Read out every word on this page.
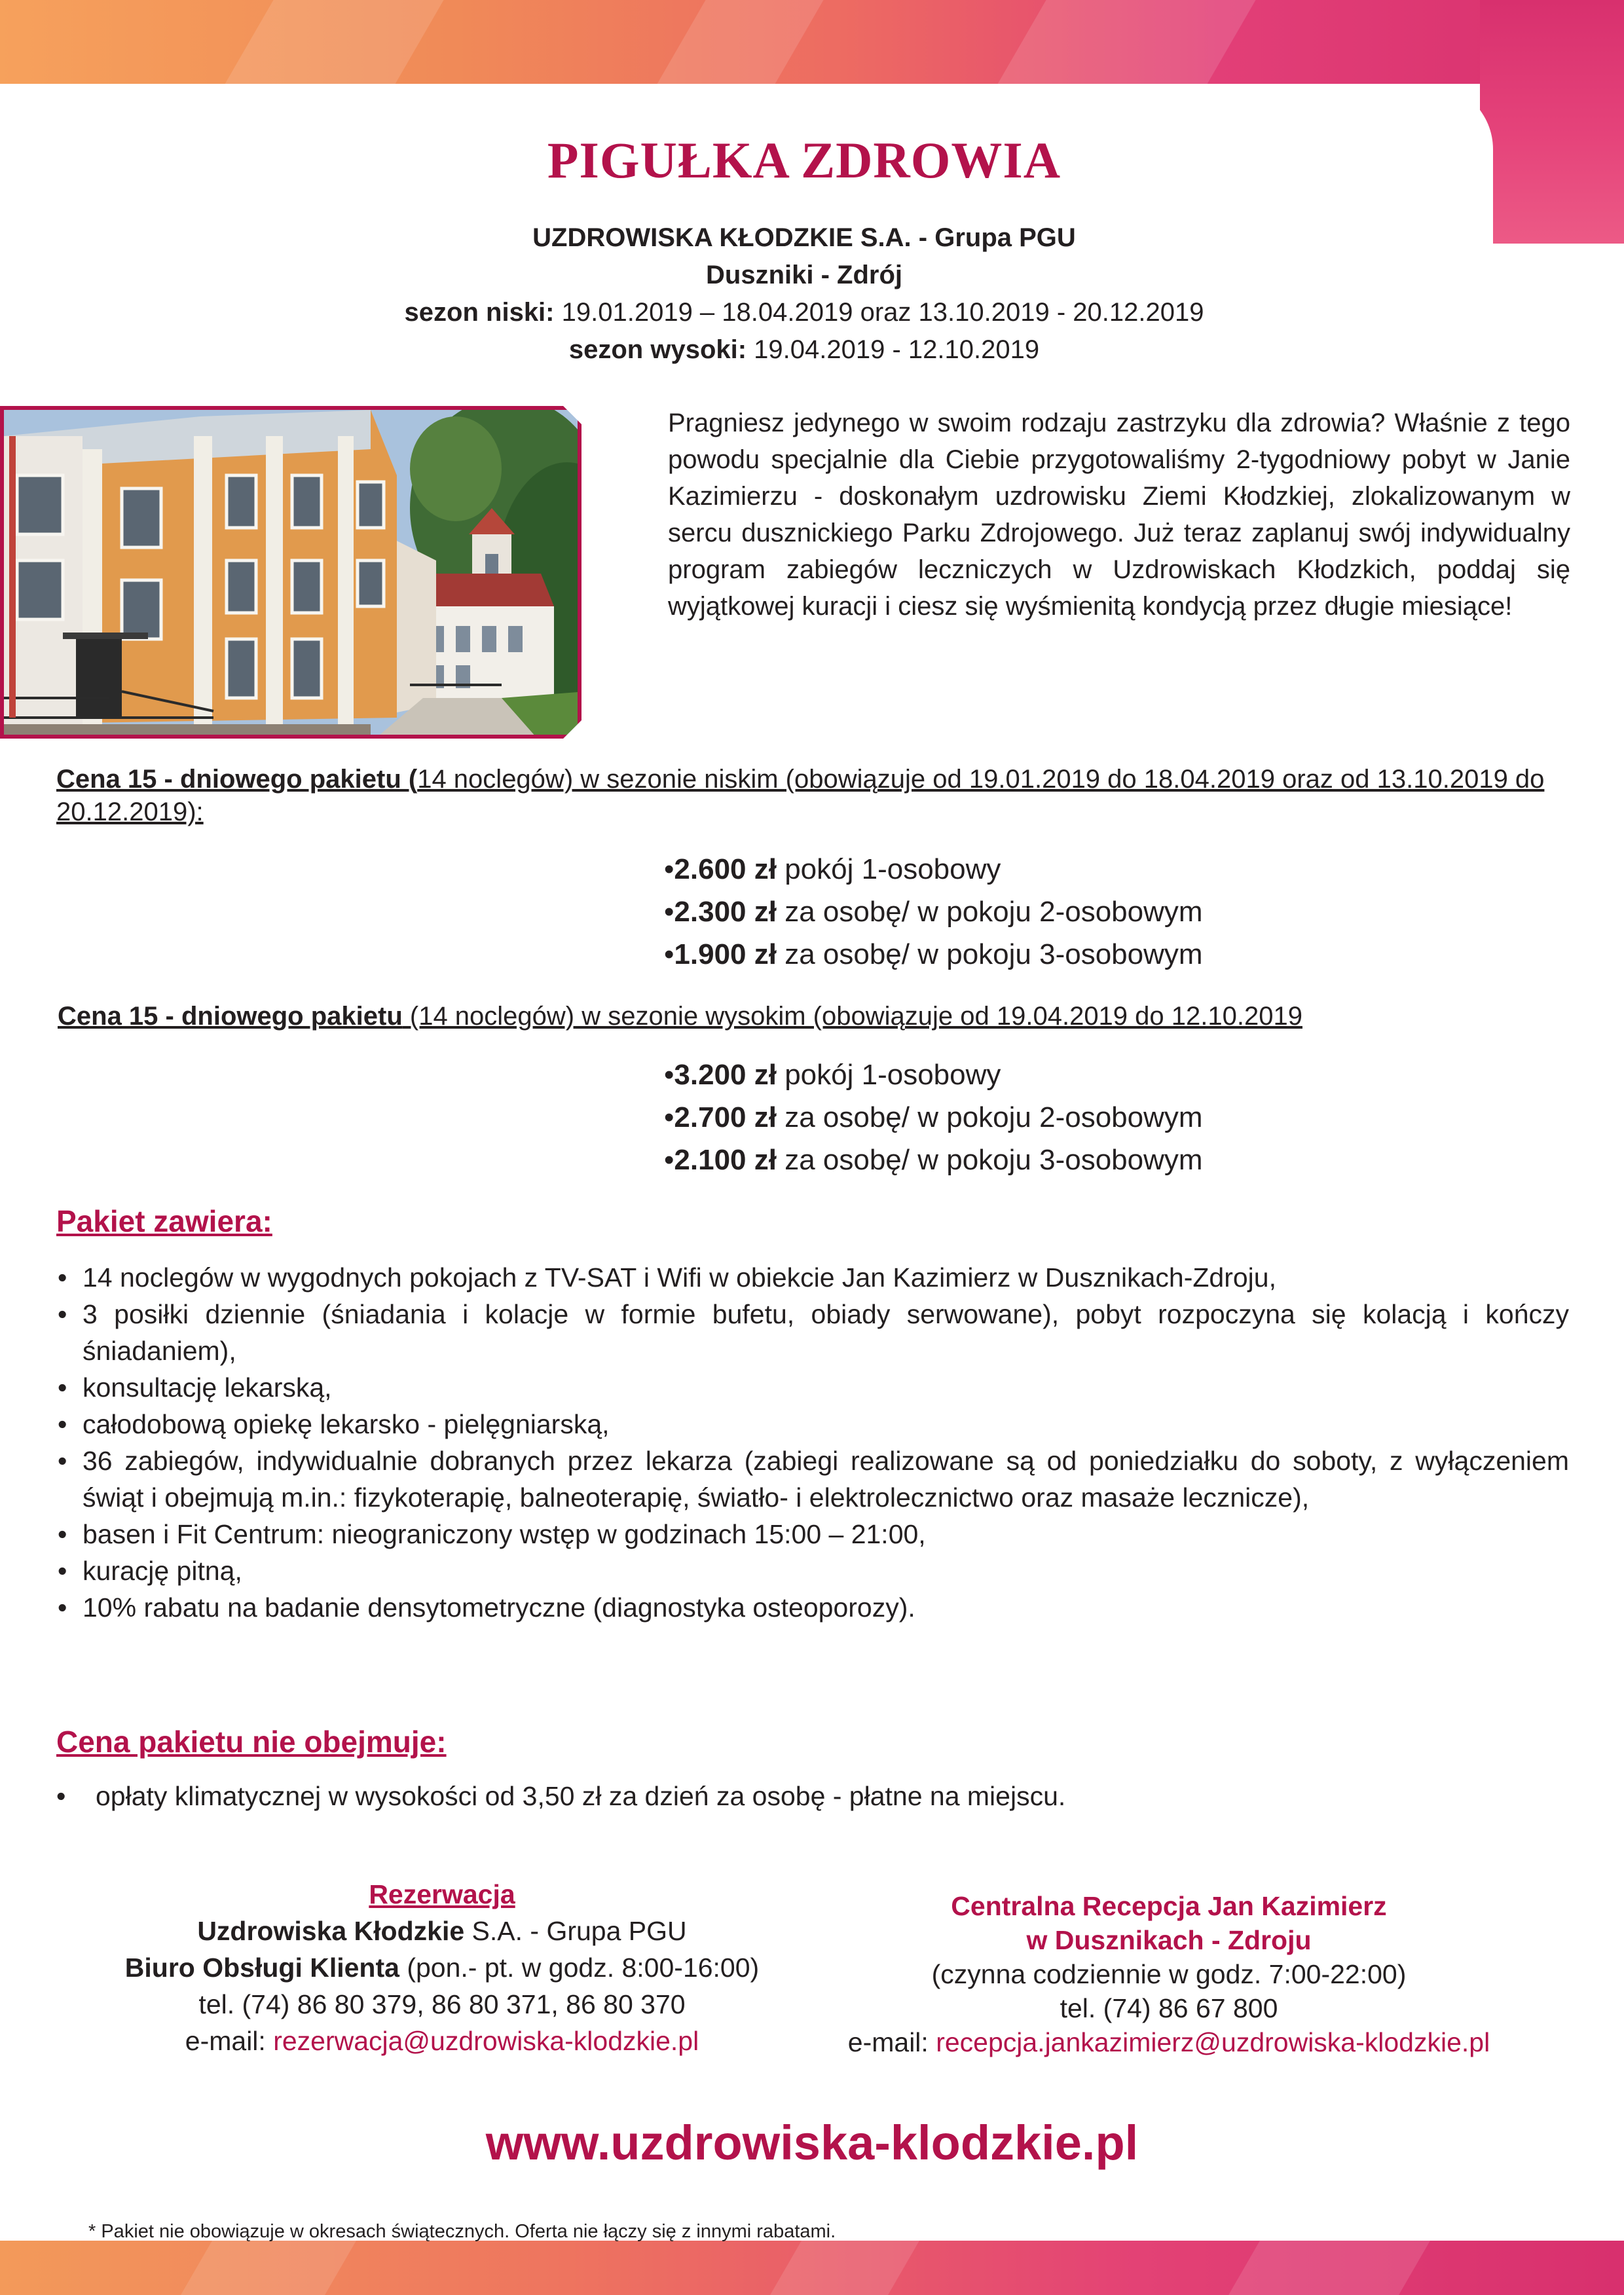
PIGUŁKA ZDROWIA
UZDROWISKA KŁODZKIE S.A. - Grupa PGU
Duszniki - Zdrój
sezon niski: 19.01.2019 – 18.04.2019 oraz 13.10.2019 - 20.12.2019
sezon wysoki: 19.04.2019 - 12.10.2019
Pragniesz jedynego w swoim rodzaju zastrzyku dla zdrowia? Właśnie z tego powodu specjalnie dla Ciebie przygotowaliśmy 2-tygodniowy pobyt w Janie Kazimierzu - doskonałym uzdrowisku Ziemi Kłodzkiej, zlokalizowanym w sercu dusznickiego Parku Zdrojowego. Już teraz zaplanuj swój indywidualny program zabiegów leczniczych w Uzdrowiskach Kłodzkich, poddaj się wyjątkowej kuracji i ciesz się wyśmienitą kondycją przez długie miesiące!
Cena 15 - dniowego pakietu (14 noclegów) w sezonie niskim (obowiązuje od 19.01.2019 do 18.04.2019 oraz od 13.10.2019 do 20.12.2019):
•2.600 zł pokój 1-osobowy
•2.300 zł za osobę/ w pokoju 2-osobowym
•1.900 zł za osobę/ w pokoju 3-osobowym
Cena 15 - dniowego pakietu (14 noclegów) w sezonie wysokim (obowiązuje od 19.04.2019 do 12.10.2019
•3.200 zł pokój 1-osobowy
•2.700 zł za osobę/ w pokoju 2-osobowym
•2.100 zł za osobę/ w pokoju 3-osobowym
Pakiet zawiera:
• 14 noclegów w wygodnych pokojach z TV-SAT i Wifi w obiekcie Jan Kazimierz w Dusznikach-Zdroju,
• 3 posiłki dziennie (śniadania i kolacje w formie bufetu, obiady serwowane), pobyt rozpoczyna się kolacją i kończy śniadaniem),
• konsultację lekarską,
• całodobową opiekę lekarsko - pielęgniarską,
• 36 zabiegów, indywidualnie dobranych przez lekarza (zabiegi realizowane są od poniedziałku do soboty, z wyłączeniem świąt i obejmują m.in.: fizykoterapię, balneoterapię, światło- i elektrolecznictwo oraz masaże lecznicze),
• basen i Fit Centrum: nieograniczony wstęp w godzinach 15:00 – 21:00,
• kurację pitną,
• 10% rabatu na badanie densytometryczne (diagnostyka osteoporozy).
Cena pakietu nie obejmuje:
• opłaty klimatycznej w wysokości od 3,50 zł za dzień za osobę - płatne na miejscu.
Rezerwacja
Uzdrowiska Kłodzkie S.A. - Grupa PGU
Biuro Obsługi Klienta (pon.- pt. w godz. 8:00-16:00)
tel. (74) 86 80 379, 86 80 371, 86 80 370
e-mail: rezerwacja@uzdrowiska-klodzkie.pl
Centralna Recepcja Jan Kazimierz
w Dusznikach - Zdroju
(czynna codziennie w godz. 7:00-22:00)
tel. (74) 86 67 800
e-mail: recepcja.jankazimierz@uzdrowiska-klodzkie.pl
www.uzdrowiska-klodzkie.pl
* Pakiet nie obowiązuje w okresach świątecznych. Oferta nie łączy się z innymi rabatami.
